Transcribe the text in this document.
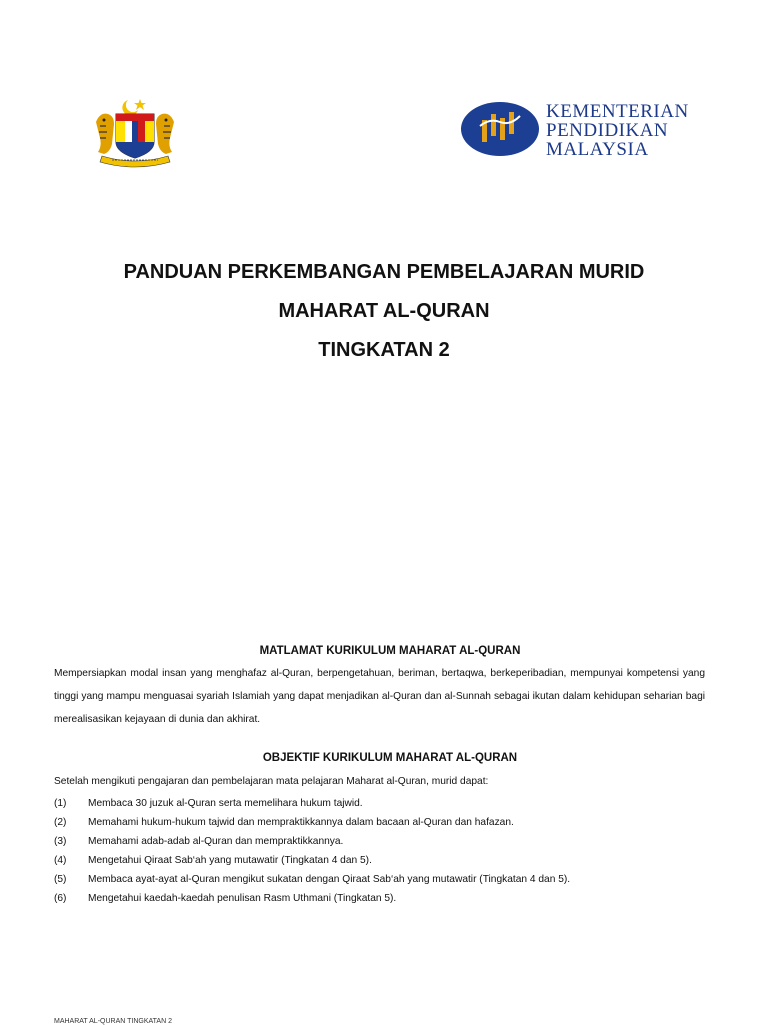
KEMENTERIAN
PENDIDIKAN
MALAYSIA

PANDUAN PERKEMBANGAN PEMBELAJARAN MURID

MAHARAT AL-QURAN

TINGKATAN 2

MATLAMAT KURIKULUM MAHARAT AL-QURAN
Mempersiapkan modal insan yang menghafaz al-Quran, berpengetahuan, beriman, bertaqwa, berkeperibadian, mempunyai kompetensi yang tinggi yang mampu menguasai syariah Islamiah yang dapat menjadikan al-Quran dan al-Sunnah sebagai ikutan dalam kehidupan seharian bagi merealisasikan kejayaan di dunia dan akhirat.
OBJEKTIF KURIKULUM MAHARAT AL-QURAN
Setelah mengikuti pengajaran dan pembelajaran mata pelajaran Maharat al-Quran, murid dapat:
(1) Membaca 30 juzuk al-Quran serta memelihara hukum tajwid.
(2) Memahami hukum-hukum tajwid dan mempraktikkannya dalam bacaan al-Quran dan hafazan.
(3) Memahami adab-adab al-Quran dan mempraktikkannya.
(4) Mengetahui Qiraat Sab‘ah yang mutawatir (Tingkatan 4 dan 5).
(5) Membaca ayat-ayat al-Quran mengikut sukatan dengan Qiraat Sab‘ah yang mutawatir (Tingkatan 4 dan 5).
(6) Mengetahui kaedah-kaedah penulisan Rasm Uthmani (Tingkatan 5).
MAHARAT AL-QURAN TINGKATAN 2
